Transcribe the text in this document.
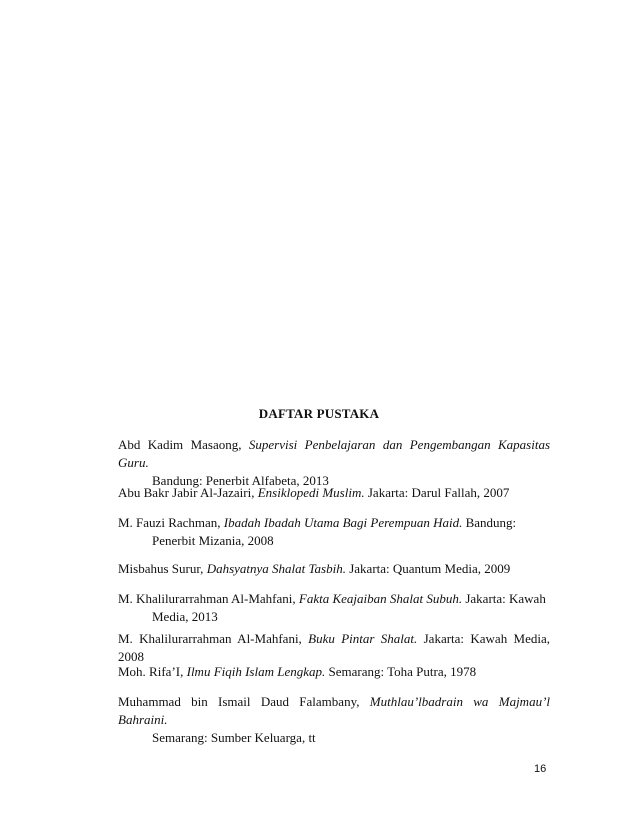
DAFTAR PUSTAKA
Abd Kadim Masaong, Supervisi Penbelajaran dan Pengembangan Kapasitas Guru.
Bandung: Penerbit Alfabeta, 2013
Abu Bakr Jabir Al-Jazairi, Ensiklopedi Muslim. Jakarta: Darul Fallah, 2007
M. Fauzi Rachman, Ibadah Ibadah Utama Bagi Perempuan Haid. Bandung:
Penerbit Mizania, 2008
Misbahus Surur, Dahsyatnya Shalat Tasbih. Jakarta: Quantum Media, 2009
M. Khalilurarrahman Al-Mahfani, Fakta Keajaiban Shalat Subuh. Jakarta: Kawah
Media, 2013
M. Khalilurarrahman Al-Mahfani, Buku Pintar Shalat. Jakarta: Kawah Media, 2008
Moh. Rifa’I, Ilmu Fiqih Islam Lengkap. Semarang: Toha Putra, 1978
Muhammad bin Ismail Daud Falambany, Muthlau’lbadrain wa Majmau’l Bahraini.
Semarang: Sumber Keluarga, tt
16
